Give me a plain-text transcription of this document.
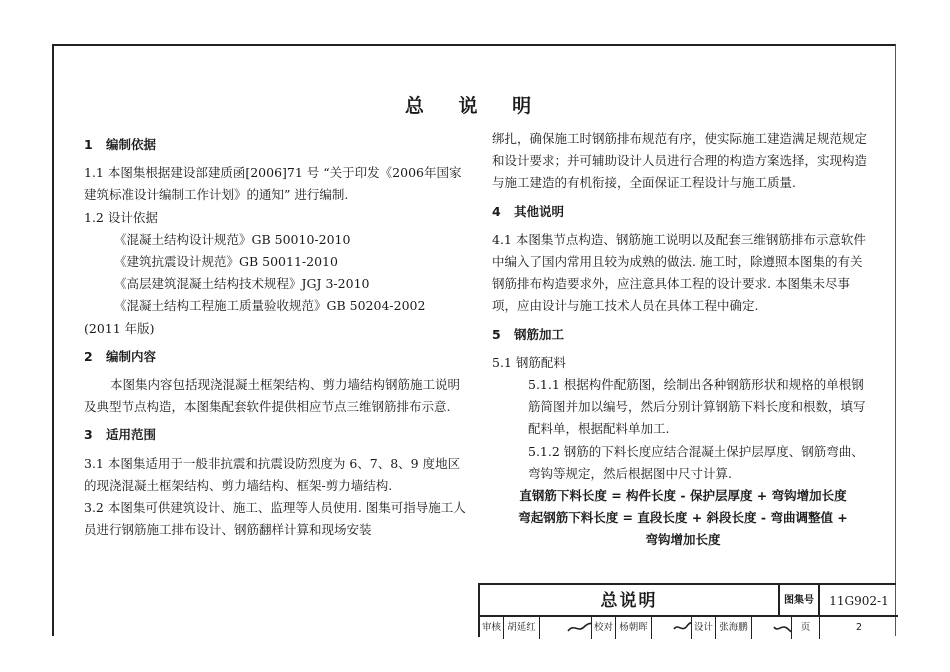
总 说 明

1 编制依据

1.1 本图集根据建设部建质函[2006]71 号 “关于印发《2006年国家建筑标准设计编制工作计划》的通知” 进行编制.

1.2 设计依据

《混凝土结构设计规范》GB 50010-2010

《建筑抗震设计规范》GB 50011-2010

《高层建筑混凝土结构技术规程》JGJ 3-2010

《混凝土结构工程施工质量验收规范》GB 50204-2002 (2011 年版)

2 编制内容

本图集内容包括现浇混凝土框架结构、剪力墙结构钢筋施工说明及典型节点构造，本图集配套软件提供相应节点三维钢筋排布示意.

3 适用范围

3.1 本图集适用于一般非抗震和抗震设防烈度为 6、7、8、9 度地区的现浇混凝土框架结构、剪力墙结构、框架-剪力墙结构.

3.2 本图集可供建筑设计、施工、监理等人员使用. 图集可指导施工人员进行钢筋施工排布设计、钢筋翻样计算和现场安装

绑扎，确保施工时钢筋排布规范有序，使实际施工建造满足规范规定和设计要求；并可辅助设计人员进行合理的构造方案选择，实现构造与施工建造的有机衔接，全面保证工程设计与施工质量.

4 其他说明

4.1 本图集节点构造、钢筋施工说明以及配套三维钢筋排布示意软件中编入了国内常用且较为成熟的做法. 施工时，除遵照本图集的有关钢筋排布构造要求外，应注意具体工程的设计要求. 本图集未尽事项，应由设计与施工技术人员在具体工程中确定.

5 钢筋加工

5.1 钢筋配料

5.1.1 根据构件配筋图，绘制出各种钢筋形状和规格的单根钢筋简图并加以编号，然后分别计算钢筋下料长度和根数，填写配料单，根据配料单加工.

5.1.2 钢筋的下料长度应结合混凝土保护层厚度、钢筋弯曲、弯钩等规定，然后根据图中尺寸计算.

直钢筋下料长度 = 构件长度 - 保护层厚度 + 弯钩增加长度

弯起钢筋下料长度 = 直段长度 + 斜段长度 - 弯曲调整值 +

弯钩增加长度

总说明	图集号	11G902-1
审核 胡延红	校对 杨朝晖	设计 张海鹏	页	2
